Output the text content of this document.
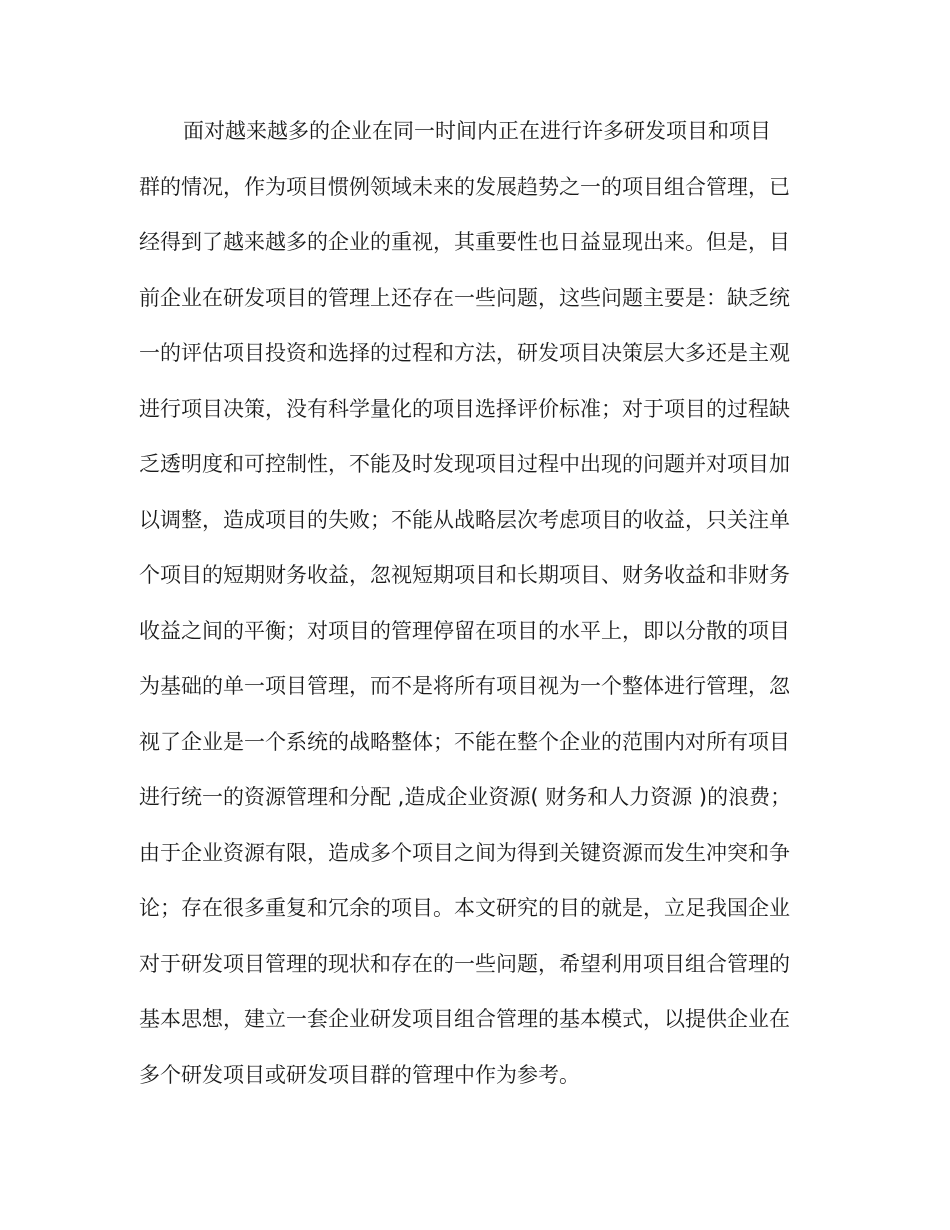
面对越来越多的企业在同一时间内正在进行许多研发项目和项目
群的情况，作为项目惯例领域未来的发展趋势之一的项目组合管理，已
经得到了越来越多的企业的重视，其重要性也日益显现出来。但是，目
前企业在研发项目的管理上还存在一些问题，这些问题主要是：缺乏统
一的评估项目投资和选择的过程和方法，研发项目决策层大多还是主观
进行项目决策，没有科学量化的项目选择评价标准；对于项目的过程缺
乏透明度和可控制性，不能及时发现项目过程中出现的问题并对项目加
以调整，造成项目的失败；不能从战略层次考虑项目的收益，只关注单
个项目的短期财务收益，忽视短期项目和长期项目、财务收益和非财务
收益之间的平衡；对项目的管理停留在项目的水平上，即以分散的项目
为基础的单一项目管理，而不是将所有项目视为一个整体进行管理，忽
视了企业是一个系统的战略整体；不能在整个企业的范围内对所有项目
进行统一的资源管理和分配 ,造成企业资源( 财务和人力资源 )的浪费；
由于企业资源有限，造成多个项目之间为得到关键资源而发生冲突和争
论；存在很多重复和冗余的项目。本文研究的目的就是，立足我国企业
对于研发项目管理的现状和存在的一些问题，希望利用项目组合管理的
基本思想，建立一套企业研发项目组合管理的基本模式，以提供企业在
多个研发项目或研发项目群的管理中作为参考。
